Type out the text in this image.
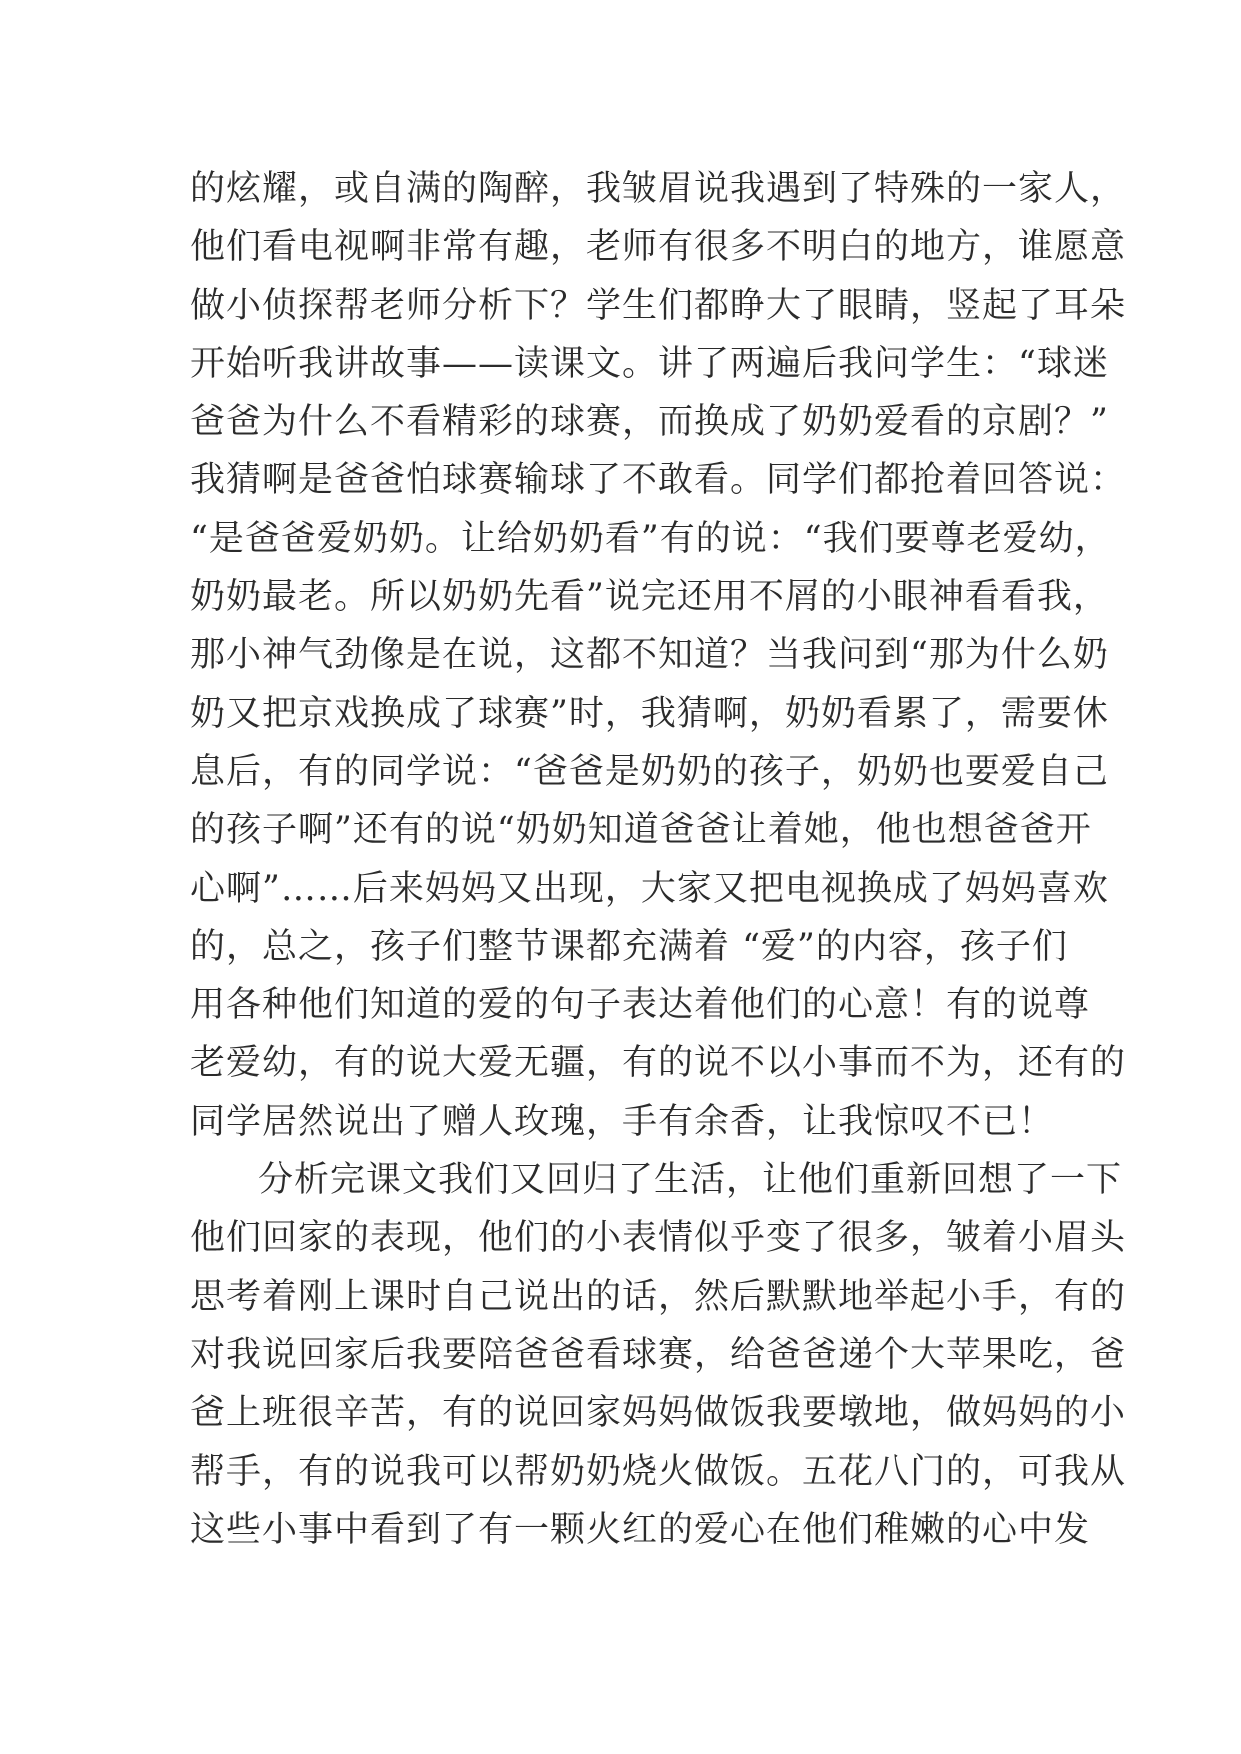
的炫耀，或自满的陶醉，我皱眉说我遇到了特殊的一家人，
他们看电视啊非常有趣，老师有很多不明白的地方，谁愿意
做小侦探帮老师分析下？学生们都睁大了眼睛，竖起了耳朵
开始听我讲故事——读课文。讲了两遍后我问学生：“球迷
爸爸为什么不看精彩的球赛，而换成了奶奶爱看的京剧？”
我猜啊是爸爸怕球赛输球了不敢看。同学们都抢着回答说：
“是爸爸爱奶奶。让给奶奶看”有的说：“我们要尊老爱幼，
奶奶最老。所以奶奶先看”说完还用不屑的小眼神看看我，
那小神气劲像是在说，这都不知道？当我问到“那为什么奶
奶又把京戏换成了球赛”时，我猜啊，奶奶看累了，需要休
息后，有的同学说：“爸爸是奶奶的孩子，奶奶也要爱自己
的孩子啊”还有的说“奶奶知道爸爸让着她，他也想爸爸开
心啊”……后来妈妈又出现，大家又把电视换成了妈妈喜欢
的，总之，孩子们整节课都充满着 “爱”的内容，孩子们
用各种他们知道的爱的句子表达着他们的心意！有的说尊
老爱幼，有的说大爱无疆，有的说不以小事而不为，还有的
同学居然说出了赠人玫瑰，手有余香，让我惊叹不已！
分析完课文我们又回归了生活，让他们重新回想了一下
他们回家的表现，他们的小表情似乎变了很多，皱着小眉头
思考着刚上课时自己说出的话，然后默默地举起小手，有的
对我说回家后我要陪爸爸看球赛，给爸爸递个大苹果吃，爸
爸上班很辛苦，有的说回家妈妈做饭我要墩地，做妈妈的小
帮手，有的说我可以帮奶奶烧火做饭。五花八门的，可我从
这些小事中看到了有一颗火红的爱心在他们稚嫩的心中发
